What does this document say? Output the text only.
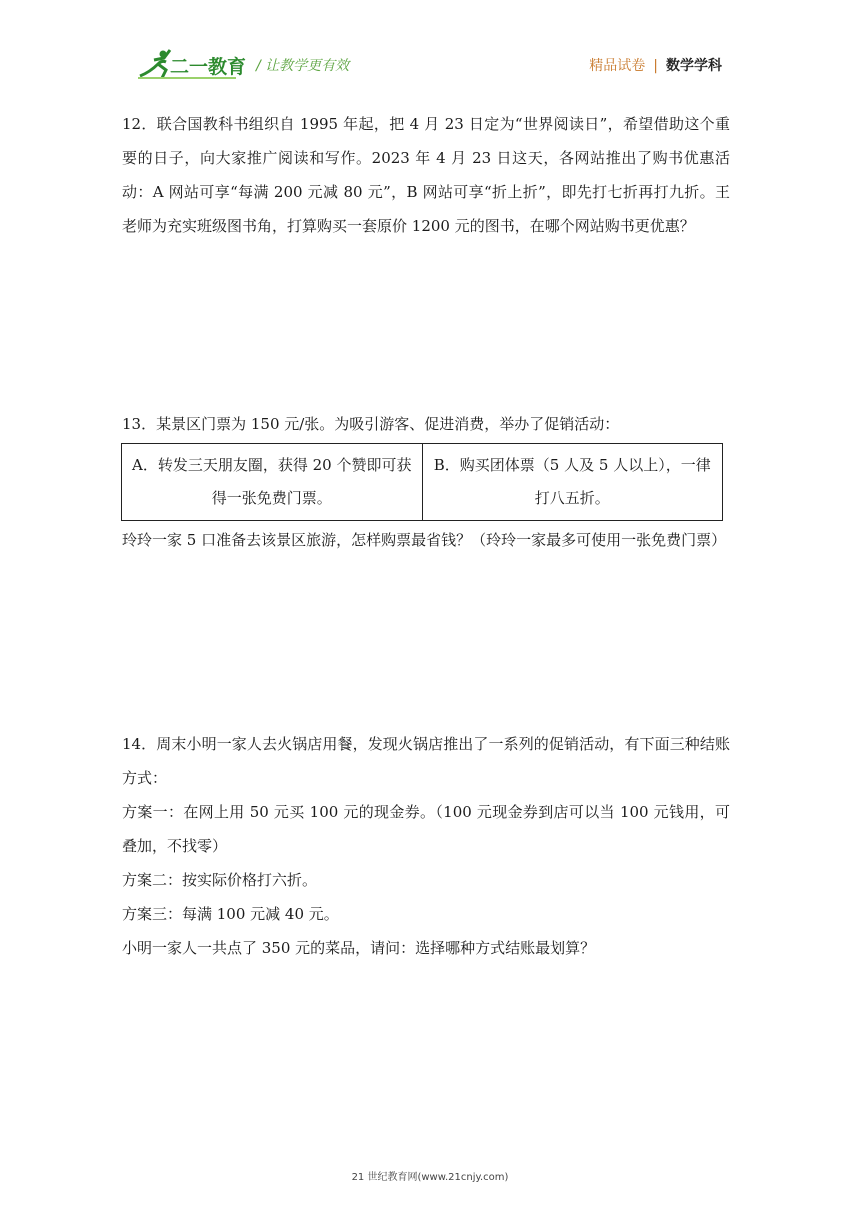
二一教育 / 让教学更有效	精品试卷 | 数学学科

12．联合国教科书组织自 1995 年起，把 4 月 23 日定为“世界阅读日”，希望借助这个重要的日子，向大家推广阅读和写作。2023 年 4 月 23 日这天，各网站推出了购书优惠活动：A 网站可享“每满 200 元减 80 元”，B 网站可享“折上折”，即先打七折再打九折。王老师为充实班级图书角，打算购买一套原价 1200 元的图书，在哪个网站购书更优惠？

13．某景区门票为 150 元/张。为吸引游客、促进消费，举办了促销活动：
A．转发三天朋友圈，获得 20 个赞即可获得一张免费门票。	B．购买团体票（5 人及 5 人以上），一律打八五折。
玲玲一家 5 口准备去该景区旅游，怎样购票最省钱？（玲玲一家最多可使用一张免费门票）
14．周末小明一家人去火锅店用餐，发现火锅店推出了一系列的促销活动，有下面三种结账方式：
方案一：在网上用 50 元买 100 元的现金券。（100 元现金券到店可以当 100 元钱用，可叠加，不找零）
方案二：按实际价格打六折。
方案三：每满 100 元减 40 元。
小明一家人一共点了 350 元的菜品，请问：选择哪种方式结账最划算？
21 世纪教育网(www.21cnjy.com)
